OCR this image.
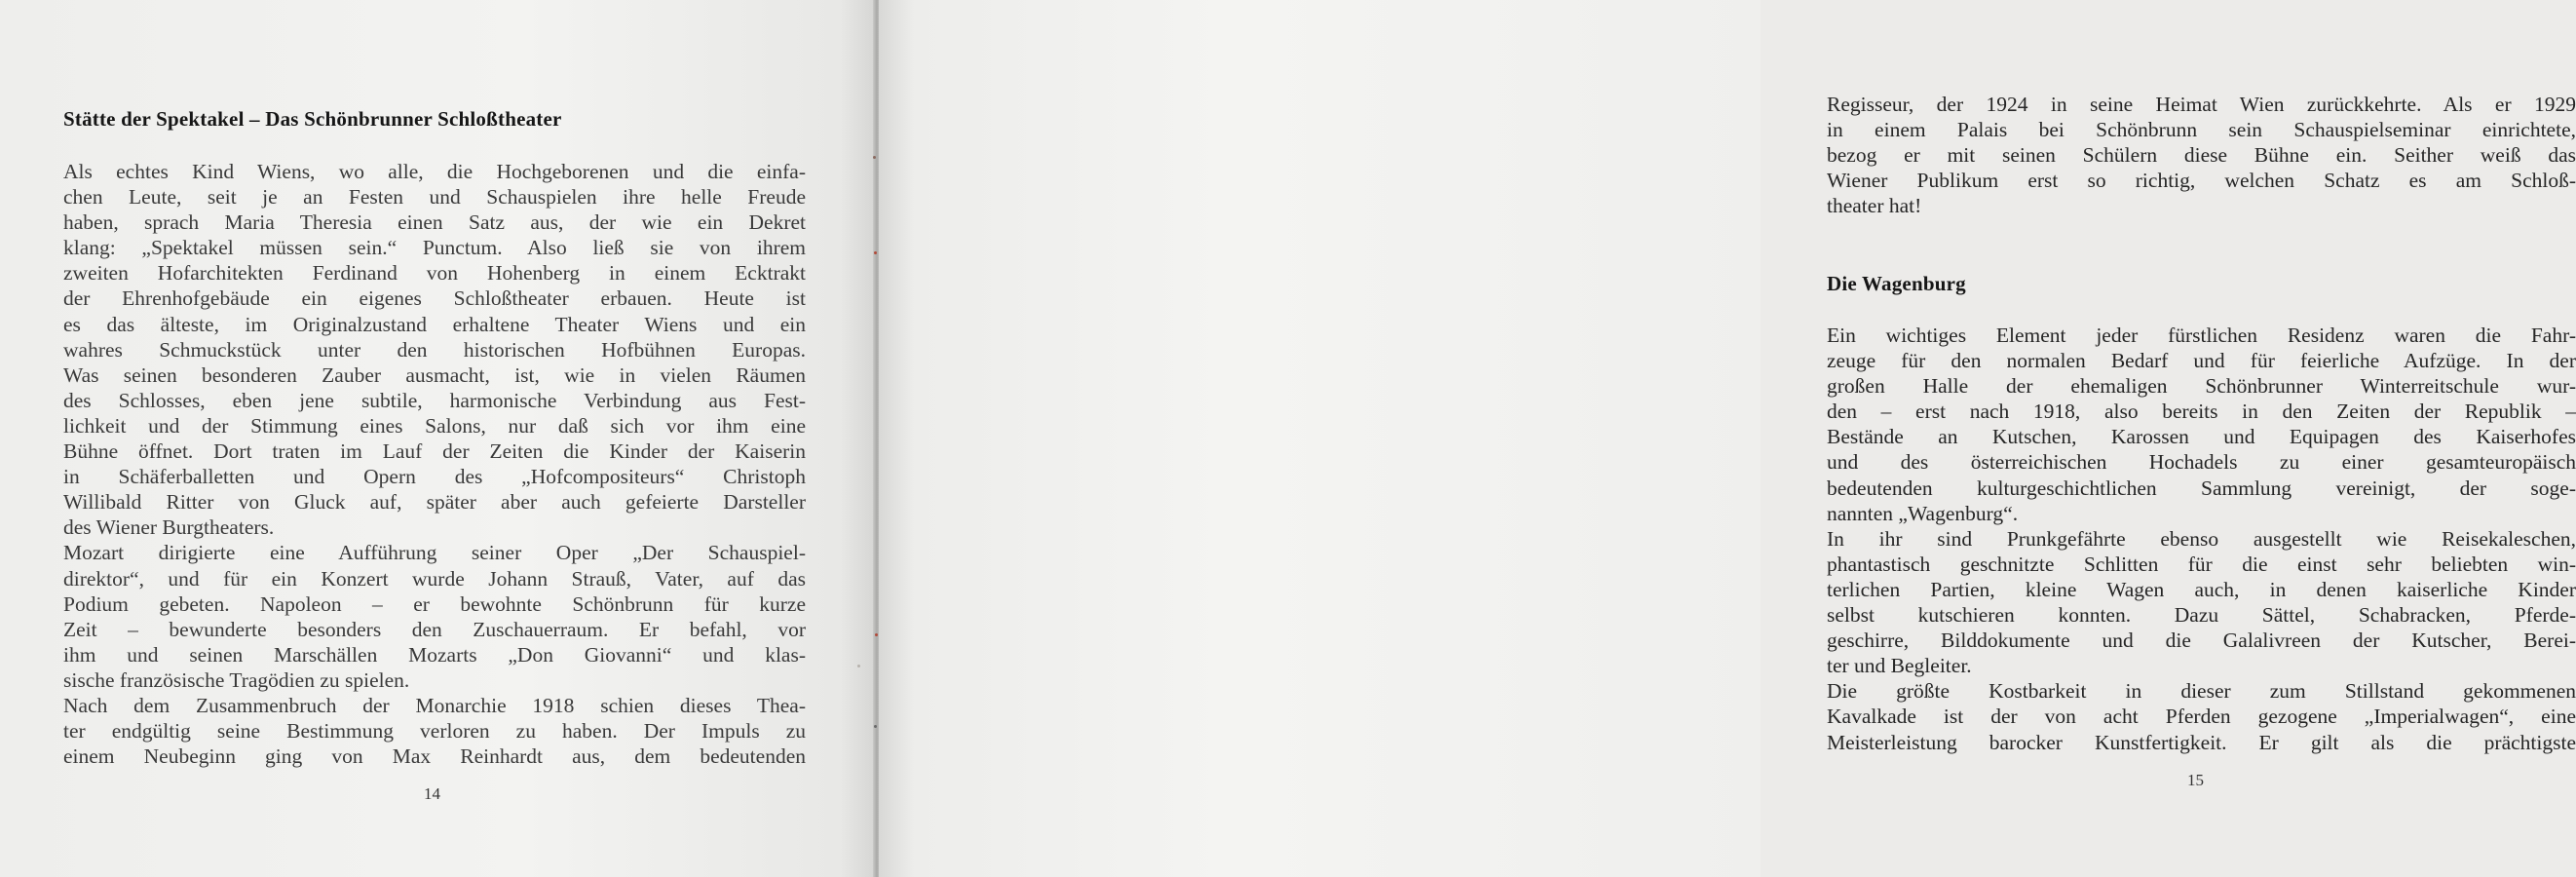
Stätte der Spektakel – Das Schönbrunner Schloßtheater
Als echtes Kind Wiens, wo alle, die Hochgeborenen und die einfa-
chen Leute, seit je an Festen und Schauspielen ihre helle Freude
haben, sprach Maria Theresia einen Satz aus, der wie ein Dekret
klang: „Spektakel müssen sein.“ Punctum. Also ließ sie von ihrem
zweiten Hofarchitekten Ferdinand von Hohenberg in einem Ecktrakt
der Ehrenhofgebäude ein eigenes Schloßtheater erbauen. Heute ist
es das älteste, im Originalzustand erhaltene Theater Wiens und ein
wahres Schmuckstück unter den historischen Hofbühnen Europas.
Was seinen besonderen Zauber ausmacht, ist, wie in vielen Räumen
des Schlosses, eben jene subtile, harmonische Verbindung aus Fest-
lichkeit und der Stimmung eines Salons, nur daß sich vor ihm eine
Bühne öffnet. Dort traten im Lauf der Zeiten die Kinder der Kaiserin
in Schäferballetten und Opern des „Hofcompositeurs“ Christoph
Willibald Ritter von Gluck auf, später aber auch gefeierte Darsteller
des Wiener Burgtheaters.
Mozart dirigierte eine Aufführung seiner Oper „Der Schauspiel-
direktor“, und für ein Konzert wurde Johann Strauß, Vater, auf das
Podium gebeten. Napoleon – er bewohnte Schönbrunn für kurze
Zeit – bewunderte besonders den Zuschauerraum. Er befahl, vor
ihm und seinen Marschällen Mozarts „Don Giovanni“ und klas-
sische französische Tragödien zu spielen.
Nach dem Zusammenbruch der Monarchie 1918 schien dieses Thea-
ter endgültig seine Bestimmung verloren zu haben. Der Impuls zu
einem Neubeginn ging von Max Reinhardt aus, dem bedeutenden

14

Regisseur, der 1924 in seine Heimat Wien zurückkehrte. Als er 1929
in einem Palais bei Schönbrunn sein Schauspielseminar einrichtete,
bezog er mit seinen Schülern diese Bühne ein. Seither weiß das
Wiener Publikum erst so richtig, welchen Schatz es am Schloß-
theater hat!
Die Wagenburg
Ein wichtiges Element jeder fürstlichen Residenz waren die Fahr-
zeuge für den normalen Bedarf und für feierliche Aufzüge. In der
großen Halle der ehemaligen Schönbrunner Winterreitschule wur-
den – erst nach 1918, also bereits in den Zeiten der Republik –
Bestände an Kutschen, Karossen und Equipagen des Kaiserhofes
und des österreichischen Hochadels zu einer gesamteuropäisch
bedeutenden kulturgeschichtlichen Sammlung vereinigt, der soge-
nannten „Wagenburg“.
In ihr sind Prunkgefährte ebenso ausgestellt wie Reisekaleschen,
phantastisch geschnitzte Schlitten für die einst sehr beliebten win-
terlichen Partien, kleine Wagen auch, in denen kaiserliche Kinder
selbst kutschieren konnten. Dazu Sättel, Schabracken, Pferde-
geschirre, Bilddokumente und die Galalivreen der Kutscher, Berei-
ter und Begleiter.
Die größte Kostbarkeit in dieser zum Stillstand gekommenen
Kavalkade ist der von acht Pferden gezogene „Imperialwagen“, eine
Meisterleistung barocker Kunstfertigkeit. Er gilt als die prächtigste

15
